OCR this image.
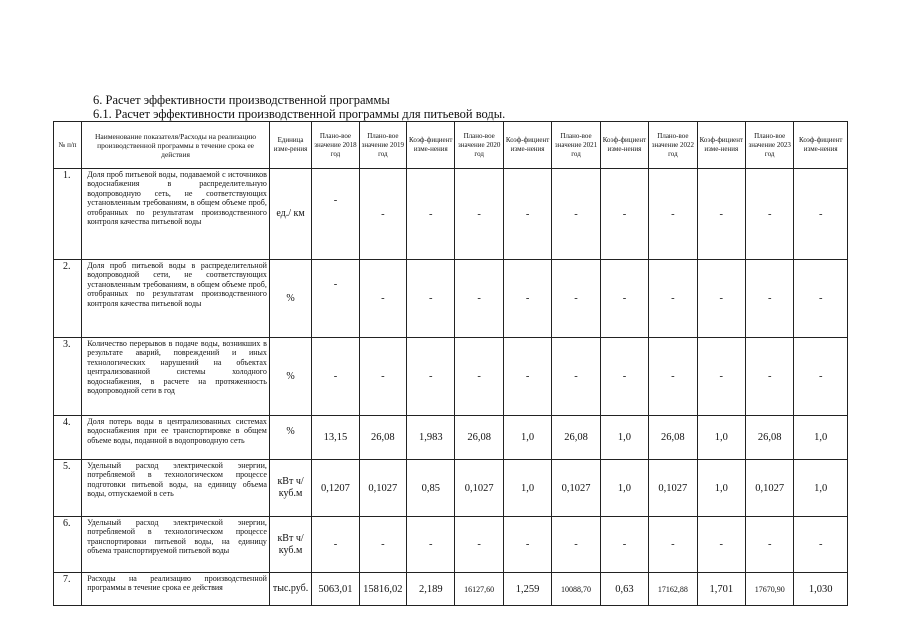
6. Расчет эффективности производственной программы
6.1. Расчет эффективности производственной программы для питьевой воды.
№ п/п	Наименование показателя/Расходы на реализацию производственной программы в течение срока ее действия	Единица изме-рения	Плано-вое значение 2018 год	Плано-вое значение 2019 год	Коэф-фициент изме-нения	Плано-вое значение 2020 год	Коэф-фициент изме-нения	Плано-вое значение 2021 год	Коэф-фициент изме-нения	Плано-вое значение 2022 год	Коэф-фициент изме-нения	Плано-вое значение 2023 год	Коэф-фициент изме-нения
1.	Доля проб питьевой воды, подаваемой с источников водоснабжения в распределительную водопроводную сеть, не соответствующих установленным требованиям, в общем объеме проб, отобранных по результатам производственного контроля качества питьевой воды	ед./ км	-	-	-	-	-	-	-	-	-	-	-
2.	Доля проб питьевой воды в распределительной водопроводной сети, не соответствующих установленным требованиям, в общем объеме проб, отобранных по результатам производственного контроля качества питьевой воды	%	-	-	-	-	-	-	-	-	-	-	-
3.	Количество перерывов в подаче воды, возникших в результате аварий, повреждений и иных технологических нарушений на объектах централизованной системы холодного водоснабжения, в расчете на протяженность водопроводной сети в год	%	-	-	-	-	-	-	-	-	-	-	-
4.	Доля потерь воды в централизованных системах водоснабжения при ее транспортировке в общем объеме воды, поданной в водопроводную сеть	%	13,15	26,08	1,983	26,08	1,0	26,08	1,0	26,08	1,0	26,08	1,0
5.	Удельный расход электрической энергии, потребляемой в технологическом процессе подготовки питьевой воды, на единицу объема воды, отпускаемой в сеть	кВт ч/куб.м	0,1207	0,1027	0,85	0,1027	1,0	0,1027	1,0	0,1027	1,0	0,1027	1,0
6.	Удельный расход электрической энергии, потребляемой в технологическом процессе транспортировки питьевой воды, на единицу объема транспортируемой питьевой воды	кВт ч/куб.м	-	-	-	-	-	-	-	-	-	-	-
7.	Расходы на реализацию производственной программы в течение срока ее действия	тыс.руб.	5063,01	15816,02	2,189	16127,60	1,259	10088,70	0,63	17162,88	1,701	17670,90	1,030
